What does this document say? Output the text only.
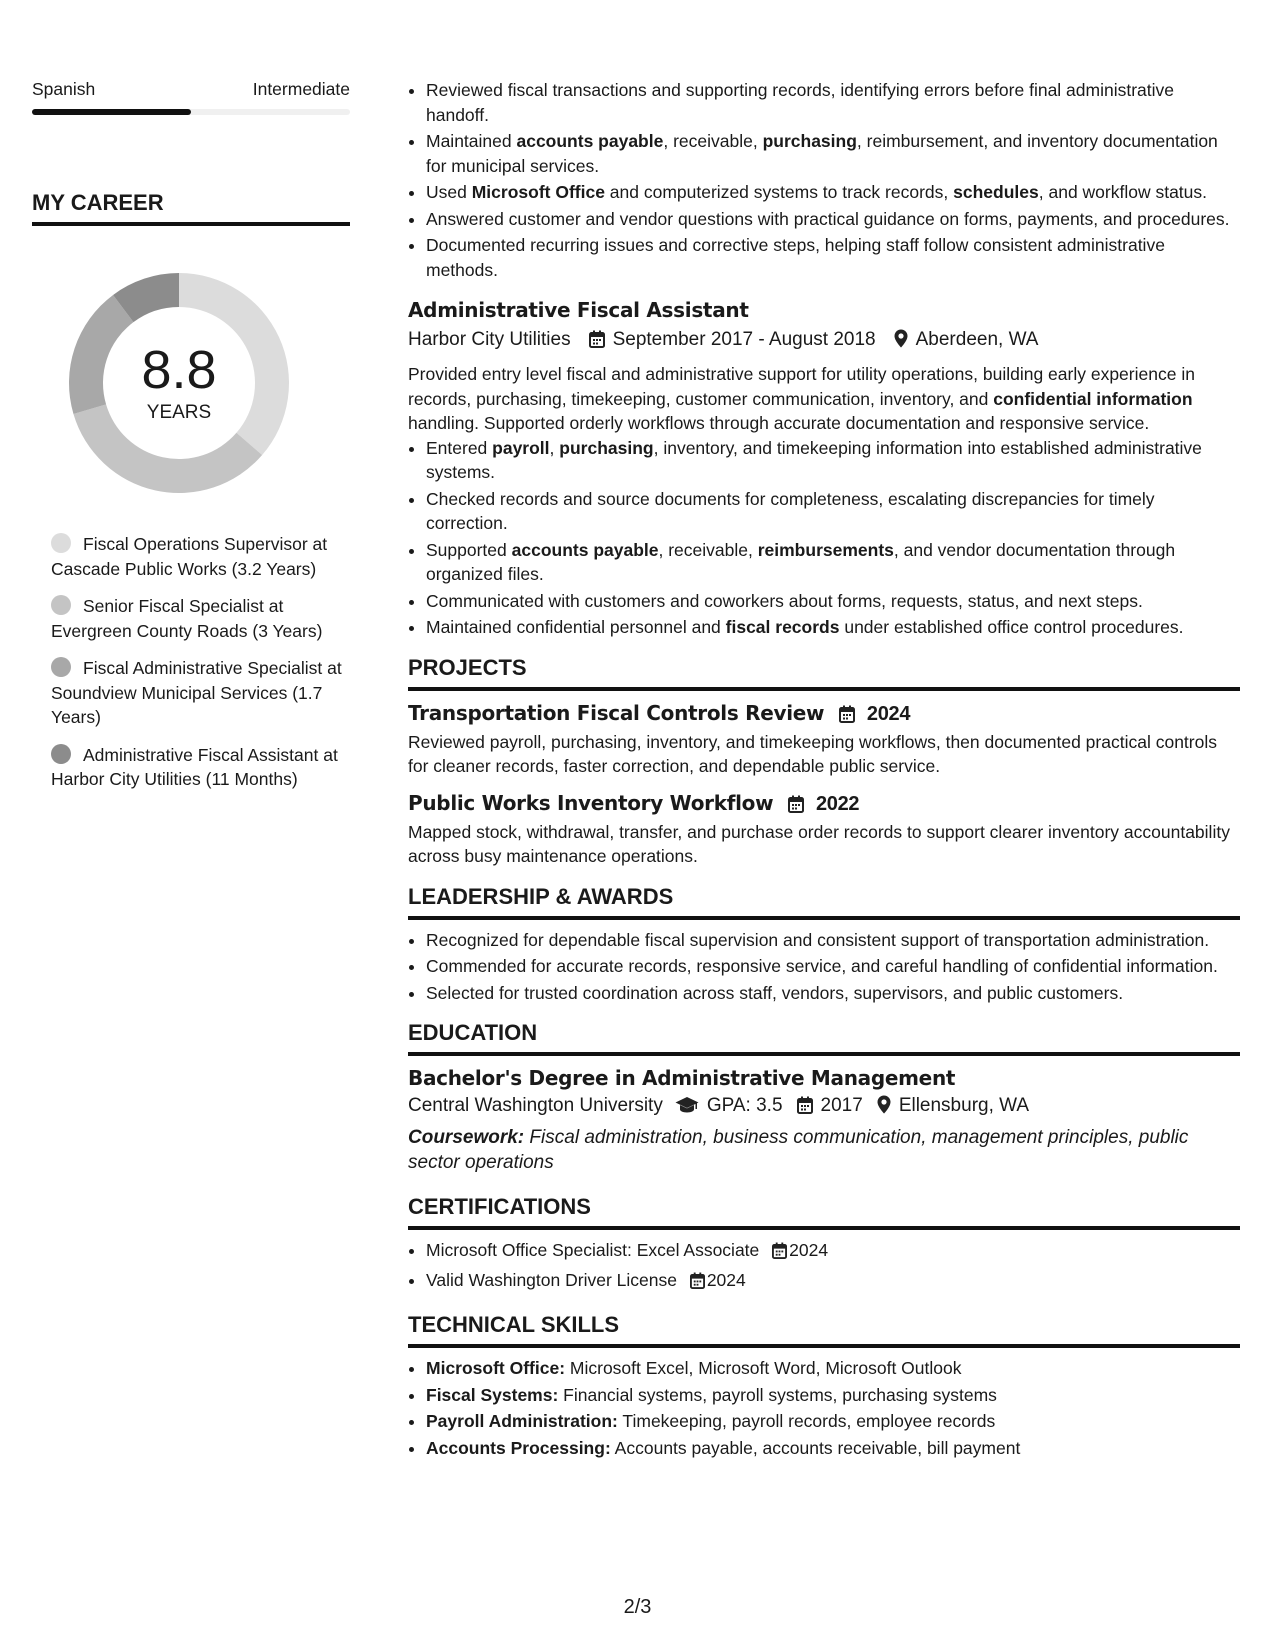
Spanish	Intermediate
MY CAREER
8.8
YEARS
Fiscal Operations Supervisor at Cascade Public Works (3.2 Years)
Senior Fiscal Specialist at Evergreen County Roads (3 Years)
Fiscal Administrative Specialist at Soundview Municipal Services (1.7 Years)
Administrative Fiscal Assistant at Harbor City Utilities (11 Months)
• Reviewed fiscal transactions and supporting records, identifying errors before final administrative handoff.
• Maintained accounts payable, receivable, purchasing, reimbursement, and inventory documentation for municipal services.
• Used Microsoft Office and computerized systems to track records, schedules, and workflow status.
• Answered customer and vendor questions with practical guidance on forms, payments, and procedures.
• Documented recurring issues and corrective steps, helping staff follow consistent administrative methods.
Administrative Fiscal Assistant
Harbor City Utilities September 2017 - August 2018 Aberdeen, WA
Provided entry level fiscal and administrative support for utility operations, building early experience in records, purchasing, timekeeping, customer communication, inventory, and confidential information handling. Supported orderly workflows through accurate documentation and responsive service.
• Entered payroll, purchasing, inventory, and timekeeping information into established administrative systems.
• Checked records and source documents for completeness, escalating discrepancies for timely correction.
• Supported accounts payable, receivable, reimbursements, and vendor documentation through organized files.
• Communicated with customers and coworkers about forms, requests, status, and next steps.
• Maintained confidential personnel and fiscal records under established office control procedures.
PROJECTS
Transportation Fiscal Controls Review 2024
Reviewed payroll, purchasing, inventory, and timekeeping workflows, then documented practical controls for cleaner records, faster correction, and dependable public service.
Public Works Inventory Workflow 2022
Mapped stock, withdrawal, transfer, and purchase order records to support clearer inventory accountability across busy maintenance operations.
LEADERSHIP & AWARDS
• Recognized for dependable fiscal supervision and consistent support of transportation administration.
• Commended for accurate records, responsive service, and careful handling of confidential information.
• Selected for trusted coordination across staff, vendors, supervisors, and public customers.
EDUCATION
Bachelor's Degree in Administrative Management
Central Washington University GPA: 3.5 2017 Ellensburg, WA
Coursework: Fiscal administration, business communication, management principles, public sector operations
CERTIFICATIONS
• Microsoft Office Specialist: Excel Associate 2024
• Valid Washington Driver License 2024
TECHNICAL SKILLS
• Microsoft Office: Microsoft Excel, Microsoft Word, Microsoft Outlook
• Fiscal Systems: Financial systems, payroll systems, purchasing systems
• Payroll Administration: Timekeeping, payroll records, employee records
• Accounts Processing: Accounts payable, accounts receivable, bill payment
2/3
